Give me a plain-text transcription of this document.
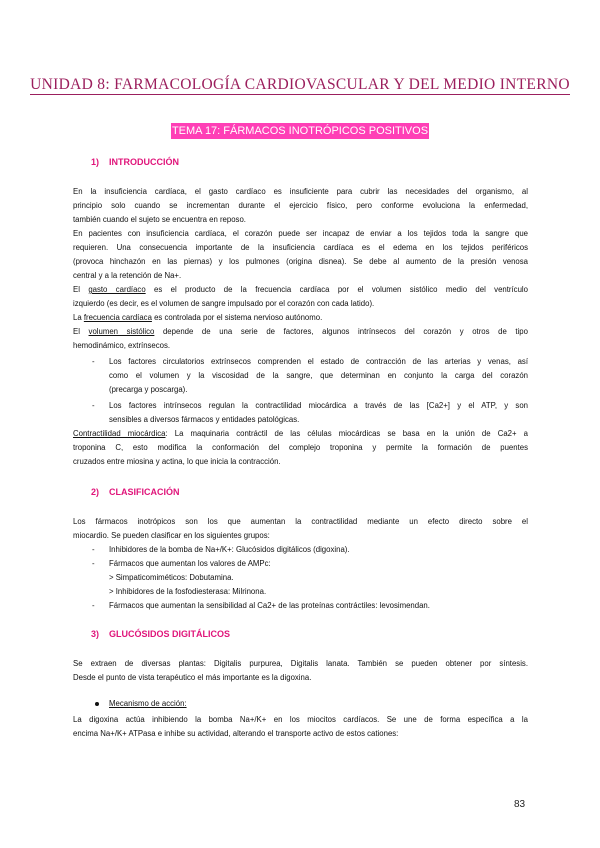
UNIDAD 8: FARMACOLOGÍA CARDIOVASCULAR Y DEL MEDIO INTERNO
TEMA 17: FÁRMACOS INOTRÓPICOS POSITIVOS
1) INTRODUCCIÓN
En la insuficiencia cardíaca, el gasto cardíaco es insuficiente para cubrir las necesidades del organismo, al
principio solo cuando se incrementan durante el ejercicio físico, pero conforme evoluciona la enfermedad,
también cuando el sujeto se encuentra en reposo.
En pacientes con insuficiencia cardíaca, el corazón puede ser incapaz de enviar a los tejidos toda la sangre que
requieren. Una consecuencia importante de la insuficiencia cardíaca es el edema en los tejidos periféricos
(provoca hinchazón en las piernas) y los pulmones (origina disnea). Se debe al aumento de la presión venosa
central y a la retención de Na+.
El gasto cardíaco es el producto de la frecuencia cardíaca por el volumen sistólico medio del ventrículo
izquierdo (es decir, es el volumen de sangre impulsado por el corazón con cada latido).
La frecuencia cardíaca es controlada por el sistema nervioso autónomo.
El volumen sistólico depende de una serie de factores, algunos intrínsecos del corazón y otros de tipo
hemodinámico, extrínsecos.
- Los factores circulatorios extrínsecos comprenden el estado de contracción de las arterias y venas, así
como el volumen y la viscosidad de la sangre, que determinan en conjunto la carga del corazón
(precarga y poscarga).
- Los factores intrínsecos regulan la contractilidad miocárdica a través de las [Ca2+] y el ATP, y son
sensibles a diversos fármacos y entidades patológicas.
Contractilidad miocárdica: La maquinaria contráctil de las células miocárdicas se basa en la unión de Ca2+ a
troponina C, esto modifica la conformación del complejo troponina y permite la formación de puentes
cruzados entre miosina y actina, lo que inicia la contracción.
2) CLASIFICACIÓN
Los fármacos inotrópicos son los que aumentan la contractilidad mediante un efecto directo sobre el
miocardio. Se pueden clasificar en los siguientes grupos:
- Inhibidores de la bomba de Na+/K+: Glucósidos digitálicos (digoxina).
- Fármacos que aumentan los valores de AMPc:
> Simpaticomiméticos: Dobutamina.
> Inhibidores de la fosfodiesterasa: Milrinona.
- Fármacos que aumentan la sensibilidad al Ca2+ de las proteínas contráctiles: levosimendan.
3) GLUCÓSIDOS DIGITÁLICOS
Se extraen de diversas plantas: Digitalis purpurea, Digitalis lanata. También se pueden obtener por síntesis.
Desde el punto de vista terapéutico el más importante es la digoxina.
Mecanismo de acción:
La digoxina actúa inhibiendo la bomba Na+/K+ en los miocitos cardíacos. Se une de forma específica a la
encima Na+/K+ ATPasa e inhibe su actividad, alterando el transporte activo de estos cationes:
83
